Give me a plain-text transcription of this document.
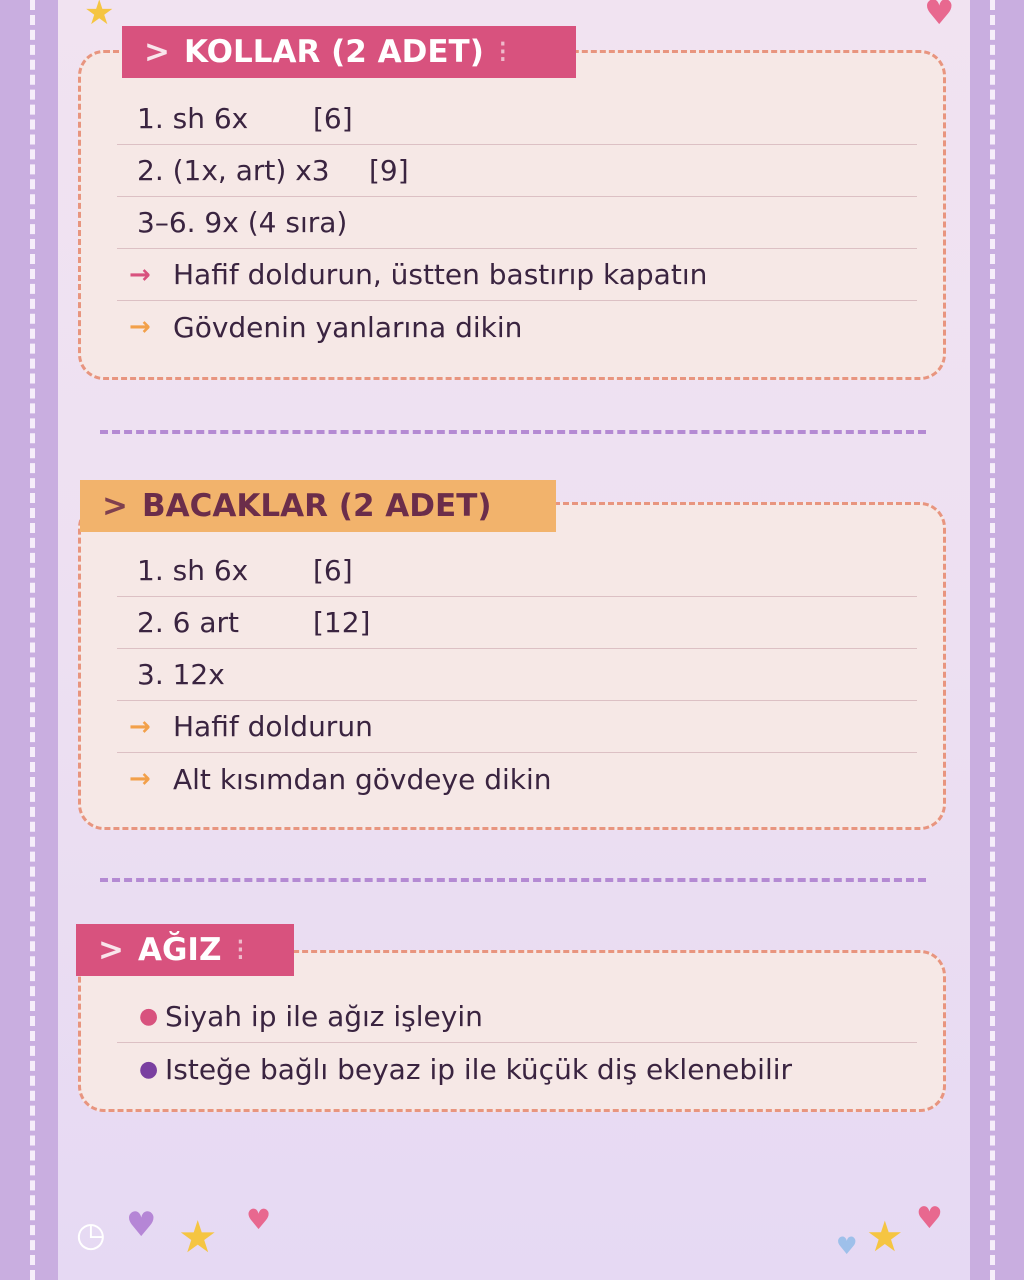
1. sh 6x	[6]
2. (1x, art) x3	[9]
3–6. 9x (4 sıra)
→ Hafif doldurun, üstten bastırıp kapatın
→ Gövdenin yanlarına dikin
> KOLLAR (2 ADET) ⁝
1. sh 6x	[6]
2. 6 art	[12]
3. 12x
→ Hafif doldurun
→ Alt kısımdan gövdeye dikin
> BACAKLAR (2 ADET)
● Siyah ip ile ağız işleyin
● Isteğe bağlı beyaz ip ile küçük diş eklenebilir
> AĞIZ ⁝
★	♥
◷ ♥ ★ ♥
♥ ★ ♥
